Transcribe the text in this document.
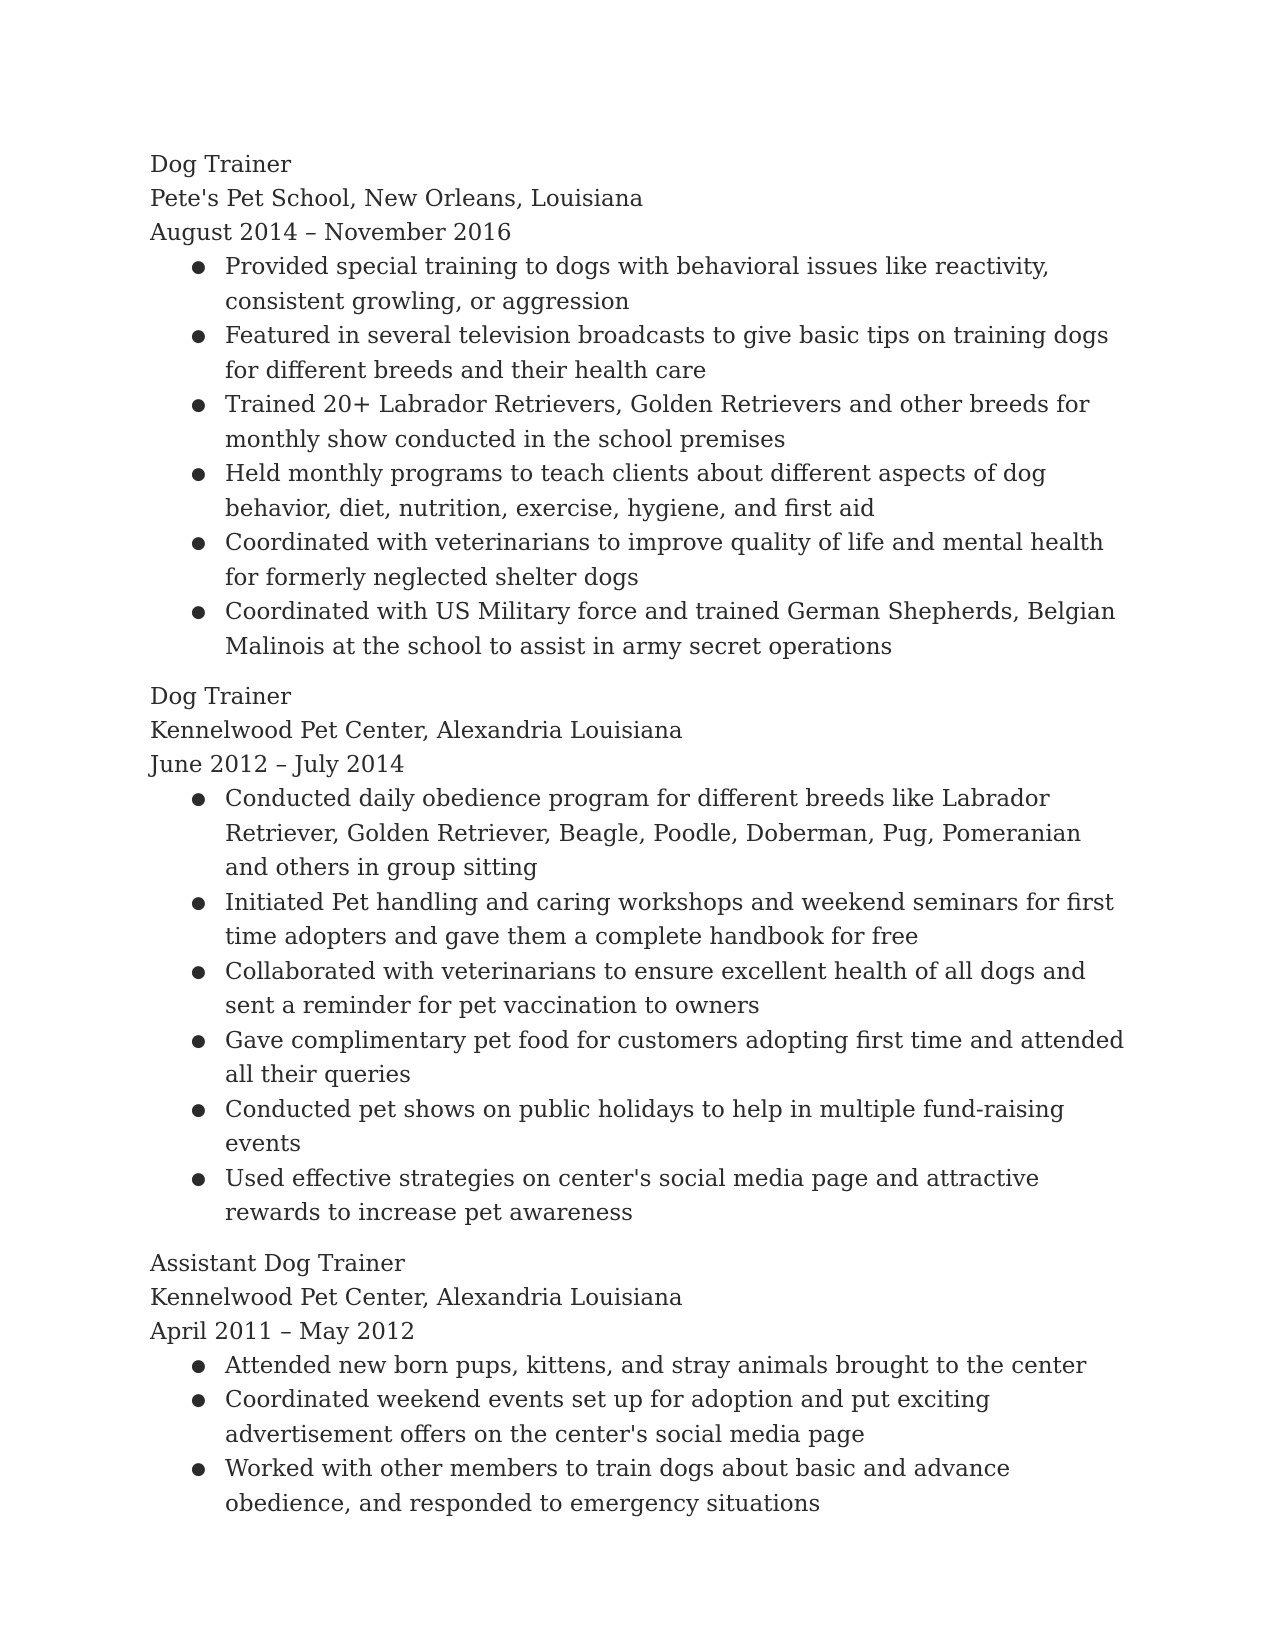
Dog Trainer
Pete's Pet School, New Orleans, Louisiana
August 2014 – November 2016
● Provided special training to dogs with behavioral issues like reactivity, consistent growling, or aggression
● Featured in several television broadcasts to give basic tips on training dogs for different breeds and their health care
● Trained 20+ Labrador Retrievers, Golden Retrievers and other breeds for monthly show conducted in the school premises
● Held monthly programs to teach clients about different aspects of dog behavior, diet, nutrition, exercise, hygiene, and first aid
● Coordinated with veterinarians to improve quality of life and mental health for formerly neglected shelter dogs
● Coordinated with US Military force and trained German Shepherds, Belgian Malinois at the school to assist in army secret operations
Dog Trainer
Kennelwood Pet Center, Alexandria Louisiana
June 2012 – July 2014
● Conducted daily obedience program for different breeds like Labrador Retriever, Golden Retriever, Beagle, Poodle, Doberman, Pug, Pomeranian and others in group sitting
● Initiated Pet handling and caring workshops and weekend seminars for first time adopters and gave them a complete handbook for free
● Collaborated with veterinarians to ensure excellent health of all dogs and sent a reminder for pet vaccination to owners
● Gave complimentary pet food for customers adopting first time and attended all their queries
● Conducted pet shows on public holidays to help in multiple fund-raising events
● Used effective strategies on center's social media page and attractive rewards to increase pet awareness
Assistant Dog Trainer
Kennelwood Pet Center, Alexandria Louisiana
April 2011 – May 2012
● Attended new born pups, kittens, and stray animals brought to the center
● Coordinated weekend events set up for adoption and put exciting advertisement offers on the center's social media page
● Worked with other members to train dogs about basic and advance obedience, and responded to emergency situations
